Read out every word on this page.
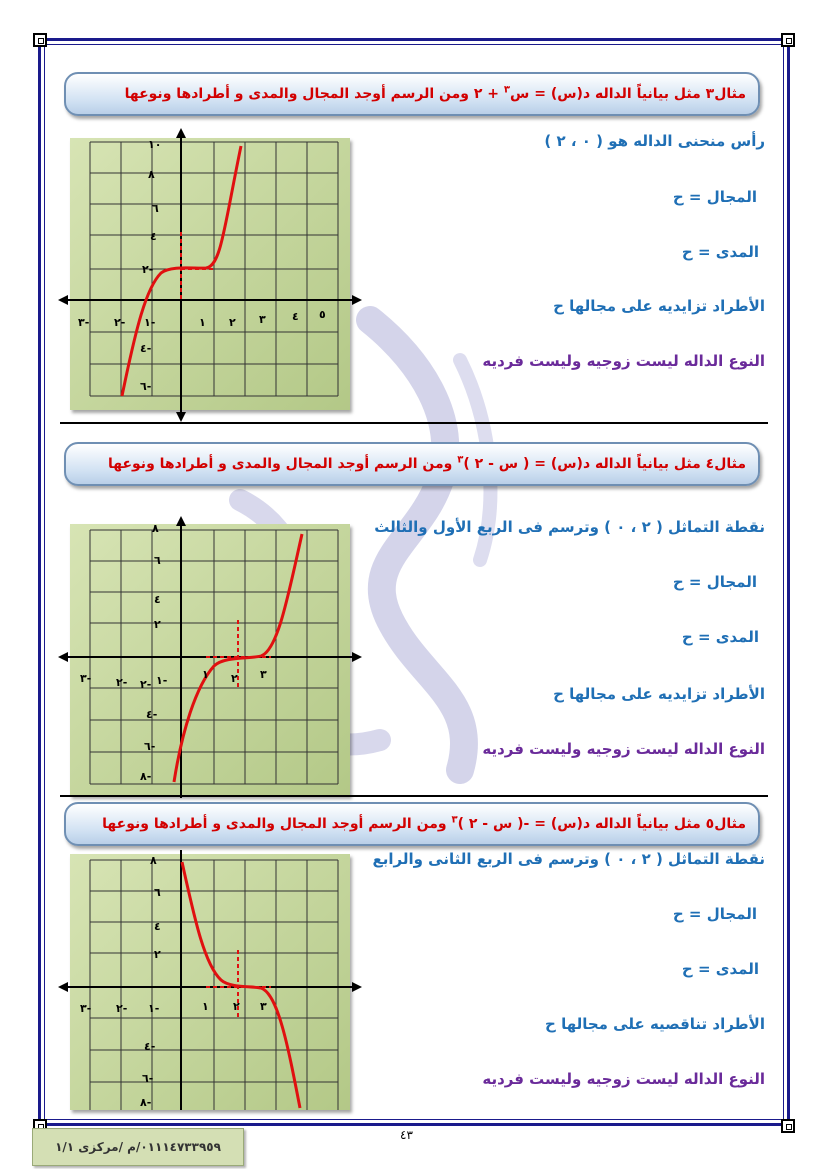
مثال٣ مثل بيانياً الداله د(س) = س$^٣$ + ٢ ومن الرسم أوجد المجال والمدى و أطرادها ونوعها
رأس منحنى الداله هو ( ٠ ، ٢ )
المجال = ح
المدى = ح
الأطراد تزايديه على مجالها ح
النوع الداله ليست زوجيه وليست فرديه
٣- ٢- ١-	١ ٢ ٣ ٤ ٥
١٠
٨
٦
٤
٢-
٤-
٦-
مثال٤ مثل بيانياً الداله د(س) = ( س - ٢ )$^٣$ ومن الرسم أوجد المجال والمدى و أطرادها ونوعها
نقطة التماثل ( ٢ ، ٠ ) وترسم فى الربع الأول والثالث
المجال = ح
المدى = ح
الأطراد تزايديه على مجالها ح
النوع الداله ليست زوجيه وليست فرديه
٣- ٢- ٢- ١-	١ ٢ ٣
٨
٦
٤
٢
٤-
٦-
٨-
مثال٥ مثل بيانياً الداله د(س) = -( س - ٢ )$^٣$ ومن الرسم أوجد المجال والمدى و أطرادها ونوعها
نقطة التماثل ( ٢ ، ٠ ) وترسم فى الربع الثانى والرابع
المجال = ح
المدى = ح
الأطراد تناقصيه على مجالها ح
النوع الداله ليست زوجيه وليست فرديه
٣- ٢- ١-	١ ٢ ٣
٨
٦
٤
٢
٤-
٦-
٨-
٠١١١٤٧٣٣٩٥٩/م /مركزى ١/١
٤٣
